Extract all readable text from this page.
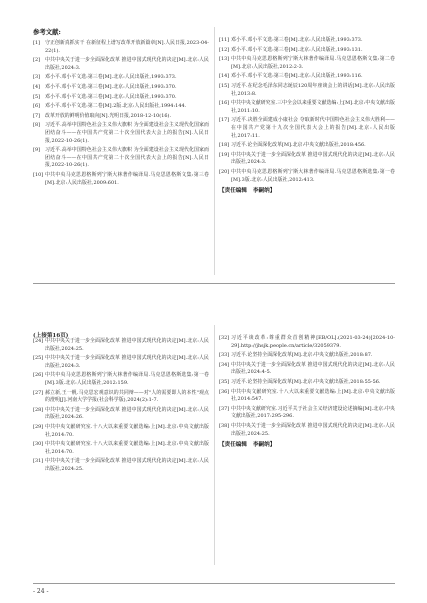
参考文献:
[1] 守正创新真抓实干 在新征程上谱写改革开放新篇章[N].人民日报,2023-04-22(1).
[2] 中共中央关于进一步全面深化改革 推进中国式现代化的决定[M].北京:人民出版社,2024:3.
[3] 邓小平.邓小平文选:第三卷[M].北京:人民出版社,1993:373.
[4] 邓小平.邓小平文选:第三卷[M].北京:人民出版社,1993:370.
[5] 邓小平.邓小平文选:第三卷[M].北京:人民出版社,1993:370.
[6] 邓小平.邓小平文选:第二卷[M].2版.北京:人民出版社,1994:144.
[7] 改革开放的鲜明价值取向[N].光明日报,2018-12-10(16).
[8] 习近平.高举中国特色社会主义伟大旗帜 为全面建设社会主义现代化国家而团结奋斗——在中国共产党第二十次全国代表大会上的报告[N].人民日报,2022-10-26(1).
[9] 习近平.高举中国特色社会主义伟大旗帜 为全面建设社会主义现代化国家而团结奋斗——在中国共产党第二十次全国代表大会上的报告[N].人民日报,2022-10-26(1).
[10] 中共中央马克思恩格斯列宁斯大林著作编译局.马克思恩格斯文集:第三卷[M].北京:人民出版社,2009:601.
[11] 邓小平.邓小平文选:第三卷[M].北京:人民出版社,1993:373.
[12] 邓小平.邓小平文选:第三卷[M].北京:人民出版社,1993:131.
[13] 中共中央马克思恩格斯列宁斯大林著作编译局.马克思恩格斯文集:第二卷[M].北京:人民出版社,2012:2-3.
[14] 邓小平.邓小平文选:第三卷[M].北京:人民出版社,1993:116.
[15] 习近平.在纪念毛泽东同志诞辰120周年座谈会上的讲话[M].北京:人民出版社,2013:8.
[16] 中共中央文献研究室.三中全会以来重要文献选编:上[M].北京:中央文献出版社,2011:10.
[17] 习近平.决胜全面建成小康社会 夺取新时代中国特色社会主义伟大胜利——在中国共产党第十九次全国代表大会上的报告[M].北京:人民出版社,2017:11.
[18] 习近平.论全面深化改革[M].北京:中央文献出版社,2018:456.
[19] 中共中央关于进一步全面深化改革 推进中国式现代化的决定[M].北京:人民出版社,2024:3.
[20] 中共中央马克思恩格斯列宁斯大林著作编译局.马克思恩格斯选集:第一卷[M].3版.北京:人民出版社,2012:413.
【责任编辑 李嗣纳】
(上接第16页)
[24] 中共中央关于进一步全面深化改革 推进中国式现代化的决定[M].北京:人民出版社,2024:25.
[25] 中共中央关于进一步全面深化改革 推进中国式现代化的决定[M].北京:人民出版社,2024:3.
[26] 中共中央马克思恩格斯列宁斯大林著作编译局.马克思恩格斯选集:第一卷[M].3版.北京:人民出版社,2012:159.
[27] 郝立新,王一帆.马克思宏观意识的共同辩——对"人的需要即人的本性"观点的澄明[J].河南大学学报(社会科学版),2024(2):1-7.
[28] 中共中央关于进一步全面深化改革 推进中国式现代化的决定[M].北京:人民出版社,2024:26.
[29] 中共中央文献研究室.十八大以来重要文献选编:上[M].北京:中央文献出版社,2014:70.
[30] 中共中央文献研究室.十八大以来重要文献选编:上[M].北京:中央文献出版社,2014:70.
[31] 中共中央关于进一步全面深化改革 推进中国式现代化的决定[M].北京:人民出版社,2024:25.
[32] 习近平谈改革:尊重群众首创精神[EB/OL].(2021-03-24)[2024-10-29].http://jhsjk.people.cn/article/32059379.
[33] 习近平.论坚持全面深化改革[M].北京:中央文献出版社,2018:87.
[34] 中共中央关于进一步全面深化改革 推进中国式现代化的决定[M].北京:人民出版社,2024:4-5.
[35] 习近平.论坚持全面深化改革[M].北京:中央文献出版社,2018:55-56.
[36] 中共中央文献研究室.十八大以来重要文献选编:上[M].北京:中央文献出版社,2014:547.
[37] 中共中央文献研究室.习近平关于社会主义经济建设论述摘编[M].北京:中央文献出版社,2017:295-296.
[38] 中共中央关于进一步全面深化改革 推进中国式现代化的决定[M].北京:人民出版社,2024:25.
【责任编辑 李嗣纳】
- 24 -
